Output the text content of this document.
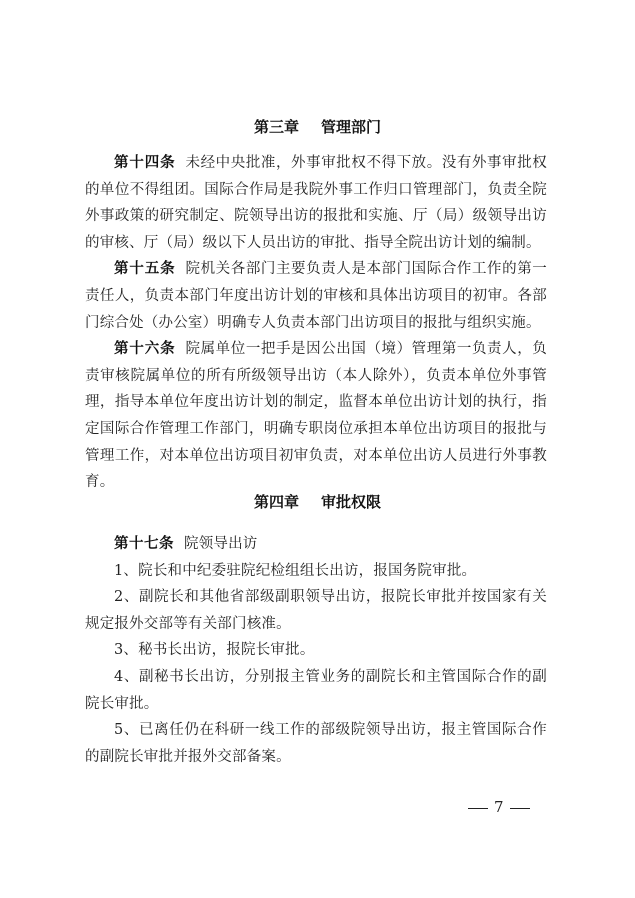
第三章 管理部门

第十四条 未经中央批准，外事审批权不得下放。没有外事审批权的单位不得组团。国际合作局是我院外事工作归口管理部门，负责全院外事政策的研究制定、院领导出访的报批和实施、厅（局）级领导出访的审核、厅（局）级以下人员出访的审批、指导全院出访计划的编制。

第十五条 院机关各部门主要负责人是本部门国际合作工作的第一责任人，负责本部门年度出访计划的审核和具体出访项目的初审。各部门综合处（办公室）明确专人负责本部门出访项目的报批与组织实施。

第十六条 院属单位一把手是因公出国（境）管理第一负责人，负责审核院属单位的所有所级领导出访（本人除外），负责本单位外事管理，指导本单位年度出访计划的制定，监督本单位出访计划的执行，指定国际合作管理工作部门，明确专职岗位承担本单位出访项目的报批与管理工作，对本单位出访项目初审负责，对本单位出访人员进行外事教育。

第四章 审批权限

第十七条 院领导出访

1、院长和中纪委驻院纪检组组长出访，报国务院审批。

2、副院长和其他省部级副职领导出访，报院长审批并按国家有关规定报外交部等有关部门核准。

3、秘书长出访，报院长审批。

4、副秘书长出访，分别报主管业务的副院长和主管国际合作的副院长审批。

5、已离任仍在科研一线工作的部级院领导出访，报主管国际合作的副院长审批并报外交部备案。

7
